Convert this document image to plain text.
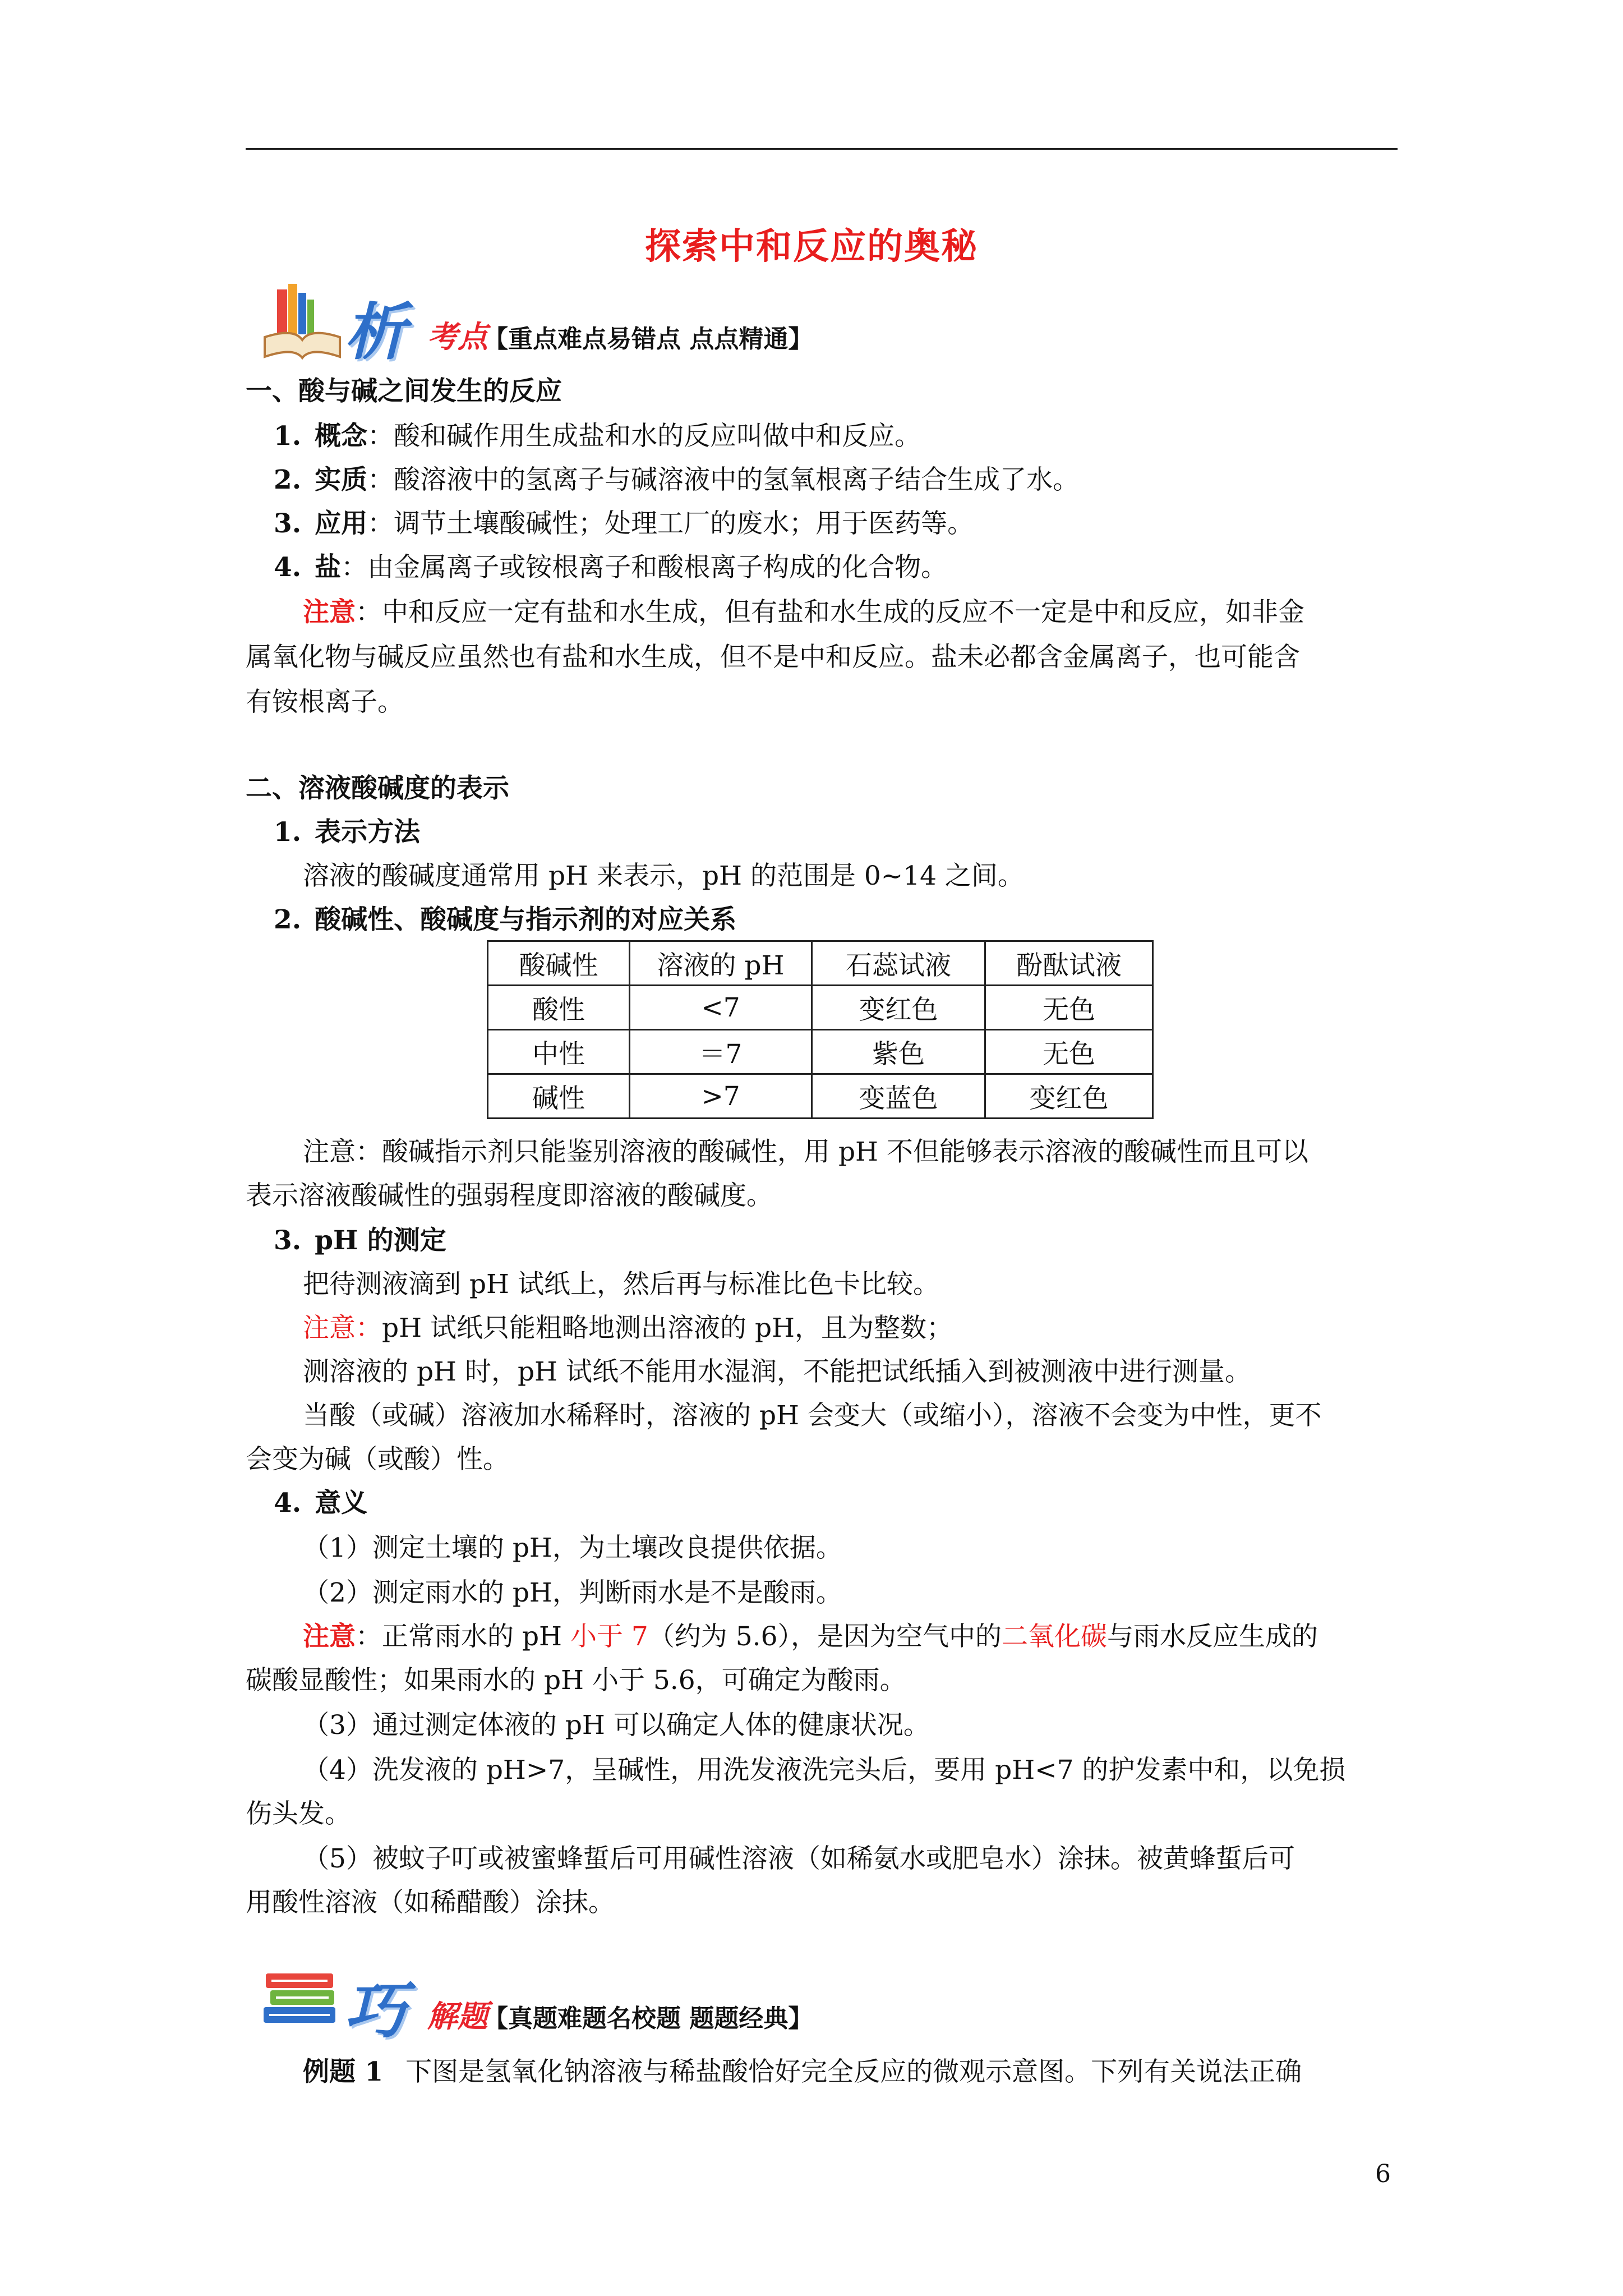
探索中和反应的奥秘
析 考点
【重点难点易错点 点点精通】
一、酸与碱之间发生的反应
1. 概念：酸和碱作用生成盐和水的反应叫做中和反应。
2. 实质：酸溶液中的氢离子与碱溶液中的氢氧根离子结合生成了水。
3. 应用：调节土壤酸碱性；处理工厂的废水；用于医药等。
4. 盐：由金属离子或铵根离子和酸根离子构成的化合物。
注意：中和反应一定有盐和水生成，但有盐和水生成的反应不一定是中和反应，如非金
属氧化物与碱反应虽然也有盐和水生成，但不是中和反应。盐未必都含金属离子，也可能含
有铵根离子。
二、溶液酸碱度的表示
1. 表示方法
溶液的酸碱度通常用 pH 来表示，pH 的范围是 0~14 之间。
2. 酸碱性、酸碱度与指示剂的对应关系
酸碱性	溶液的 pH	石蕊试液	酚酞试液
酸性	<7	变红色	无色
中性	＝7	紫色	无色
碱性	>7	变蓝色	变红色
注意：酸碱指示剂只能鉴别溶液的酸碱性，用 pH 不但能够表示溶液的酸碱性而且可以
表示溶液酸碱性的强弱程度即溶液的酸碱度。
3. pH 的测定
把待测液滴到 pH 试纸上，然后再与标准比色卡比较。
注意：pH 试纸只能粗略地测出溶液的 pH，且为整数；
测溶液的 pH 时，pH 试纸不能用水湿润，不能把试纸插入到被测液中进行测量。
当酸（或碱）溶液加水稀释时，溶液的 pH 会变大（或缩小），溶液不会变为中性，更不
会变为碱（或酸）性。
4. 意义
（1）测定土壤的 pH，为土壤改良提供依据。
（2）测定雨水的 pH，判断雨水是不是酸雨。
注意：正常雨水的 pH 小于 7（约为 5.6），是因为空气中的二氧化碳与雨水反应生成的
碳酸显酸性；如果雨水的 pH 小于 5.6，可确定为酸雨。
（3）通过测定体液的 pH 可以确定人体的健康状况。
（4）洗发液的 pH>7，呈碱性，用洗发液洗完头后，要用 pH<7 的护发素中和，以免损
伤头发。
（5）被蚊子叮或被蜜蜂蜇后可用碱性溶液（如稀氨水或肥皂水）涂抹。被黄蜂蜇后可
用酸性溶液（如稀醋酸）涂抹。
巧 解题
【真题难题名校题 题题经典】
例题 1 下图是氢氧化钠溶液与稀盐酸恰好完全反应的微观示意图。下列有关说法正确
6
